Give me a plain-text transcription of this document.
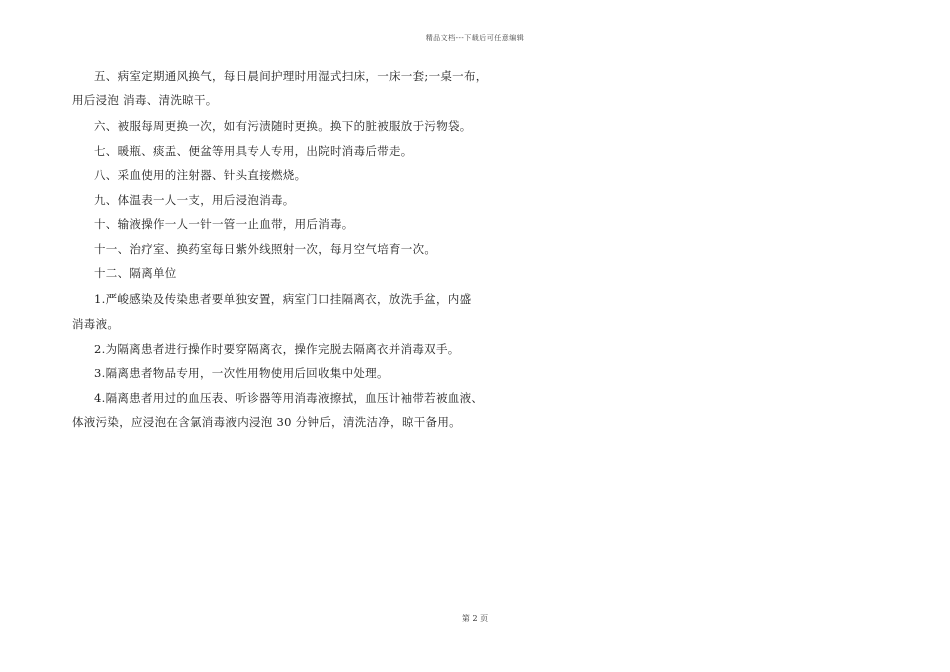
精品文档---下载后可任意编辑
五、病室定期通风换气，每日晨间护理时用湿式扫床，一床一套;一桌一布，
用后浸泡 消毒、清洗晾干。
六、被服每周更换一次，如有污渍随时更换。换下的脏被服放于污物袋。
七、暖瓶、痰盂、便盆等用具专人专用，出院时消毒后带走。
八、采血使用的注射器、针头直接燃烧。
九、体温表一人一支，用后浸泡消毒。
十、输液操作一人一针一管一止血带，用后消毒。
十一、治疗室、换药室每日紫外线照射一次，每月空气培育一次。
十二、隔离单位
1.严峻感染及传染患者要单独安置，病室门口挂隔离衣，放洗手盆，内盛
消毒液。
2.为隔离患者进行操作时要穿隔离衣，操作完脱去隔离衣并消毒双手。
3.隔离患者物品专用，一次性用物使用后回收集中处理。
4.隔离患者用过的血压表、听诊器等用消毒液擦拭，血压计袖带若被血液、
体液污染，应浸泡在含氯消毒液内浸泡 30 分钟后，清洗洁净，晾干备用。
第 2 页
